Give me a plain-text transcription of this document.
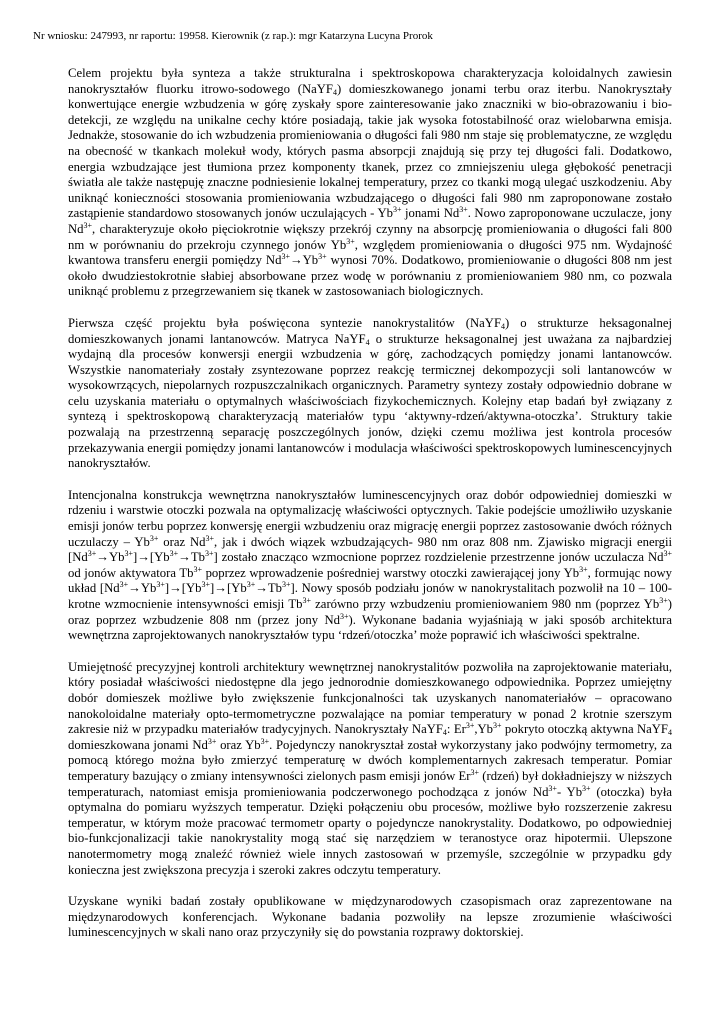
Nr wniosku: 247993, nr raportu: 19958. Kierownik (z rap.): mgr Katarzyna Lucyna Prorok

Celem projektu była synteza a także strukturalna i spektroskopowa charakteryzacja koloidalnych zawiesin nanokryształów fluorku itrowo-sodowego (NaYF$_4$) domieszkowanego jonami terbu oraz iterbu. Nanokryształy konwertujące energie wzbudzenia w górę zyskały spore zainteresowanie jako znaczniki w bio-obrazowaniu i bio-detekcji, ze względu na unikalne cechy które posiadają, takie jak wysoka fotostabilność oraz wielobarwna emisja. Jednakże, stosowanie do ich wzbudzenia promieniowania o długości fali 980 nm staje się problematyczne, ze względu na obecność w tkankach molekuł wody, których pasma absorpcji znajdują się przy tej długości fali. Dodatkowo, energia wzbudzające jest tłumiona przez komponenty tkanek, przez co zmniejszeniu ulega głębokość penetracji światła ale także następuję znaczne podniesienie lokalnej temperatury, przez co tkanki mogą ulegać uszkodzeniu. Aby uniknąć konieczności stosowania promieniowania wzbudzającego o długości fali 980 nm zaproponowane zostało zastąpienie standardowo stosowanych jonów uczulających - $Yb^{3+}$ jonami $Nd^{3+}$. Nowo zaproponowane uczulacze, jony $Nd^{3+}$, charakteryzuje około pięciokrotnie większy przekrój czynny na absorpcję promieniowania o długości fali 800 nm w porównaniu do przekroju czynnego jonów $Yb^{3+}$, względem promieniowania o długości 975 nm. Wydajność kwantowa transferu energii pomiędzy $Nd^{3+}\to Yb^{3+}$ wynosi 70%. Dodatkowo, promieniowanie o długości 808 nm jest około dwudziestokrotnie słabiej absorbowane przez wodę w porównaniu z promieniowaniem 980 nm, co pozwala uniknąć problemu z przegrzewaniem się tkanek w zastosowaniach biologicznych.

Pierwsza część projektu była poświęcona syntezie nanokrystalitów (NaYF$_4$) o strukturze heksagonalnej domieszkowanych jonami lantanowców. Matryca NaYF$_4$ o strukturze heksagonalnej jest uważana za najbardziej wydajną dla procesów konwersji energii wzbudzenia w górę, zachodzących pomiędzy jonami lantanowców. Wszystkie nanomateriały zostały zsyntezowane poprzez reakcję termicznej dekompozycji soli lantanowców w wysokowrzących, niepolarnych rozpuszczalnikach organicznych. Parametry syntezy zostały odpowiednio dobrane w celu uzyskania materiału o optymalnych właściwościach fizykochemicznych. Kolejny etap badań był związany z syntezą i spektroskopową charakteryzacją materiałów typu ‘aktywny-rdzeń/aktywna-otoczka’. Struktury takie pozwalają na przestrzenną separację poszczególnych jonów, dzięki czemu możliwa jest kontrola procesów przekazywania energii pomiędzy jonami lantanowców i modulacja właściwości spektroskopowych luminescencyjnych nanokryształów.

Intencjonalna konstrukcja wewnętrzna nanokryształów luminescencyjnych oraz dobór odpowiedniej domieszki w rdzeniu i warstwie otoczki pozwala na optymalizację właściwości optycznych. Takie podejście umożliwiło uzyskanie emisji jonów terbu poprzez konwersję energii wzbudzeniu oraz migrację energii poprzez zastosowanie dwóch różnych uczulaczy – $Yb^{3+}$ oraz $Nd^{3+}$, jak i dwóch wiązek wzbudzających- 980 nm oraz 808 nm. Zjawisko migracji energii $[Nd^{3+}\to Yb^{3+}]\to[Yb^{3+}\to Tb^{3+}]$ zostało znacząco wzmocnione poprzez rozdzielenie przestrzenne jonów uczulacza $Nd^{3+}$ od jonów aktywatora $Tb^{3+}$ poprzez wprowadzenie pośredniej warstwy otoczki zawierającej jony $Yb^{3+}$, formując nowy układ $[Nd^{3+}\to Yb^{3+}]\to[Yb^{3+}]\to[Yb^{3+}\to Tb^{3+}]$. Nowy sposób podziału jonów w nanokrystalitach pozwolił na 10 – 100-krotne wzmocnienie intensywności emisji $Tb^{3+}$ zarówno przy wzbudzeniu promieniowaniem 980 nm (poprzez $Yb^{3+}$) oraz poprzez wzbudzenie 808 nm (przez jony $Nd^{3+}$). Wykonane badania wyjaśniają w jaki sposób architektura wewnętrzna zaprojektowanych nanokryształów typu ‘rdzeń/otoczka’ może poprawić ich właściwości spektralne.

Umiejętność precyzyjnej kontroli architektury wewnętrznej nanokrystalitów pozwoliła na zaprojektowanie materiału, który posiadał właściwości niedostępne dla jego jednorodnie domieszkowanego odpowiednika. Poprzez umiejętny dobór domieszek możliwe było zwiększenie funkcjonalności tak uzyskanych nanomateriałów – opracowano nanokoloidalne materiały opto-termometryczne pozwalające na pomiar temperatury w ponad 2 krotnie szerszym zakresie niż w przypadku materiałów tradycyjnych. Nanokryształy NaYF$_4$: $Er^{3+},Yb^{3+}$ pokryto otoczką aktywna NaYF$_4$ domieszkowana jonami $Nd^{3+}$ oraz $Yb^{3+}$. Pojedynczy nanokryształ został wykorzystany jako podwójny termometry, za pomocą którego można było zmierzyć temperaturę w dwóch komplementarnych zakresach temperatur. Pomiar temperatury bazujący o zmiany intensywności zielonych pasm emisji jonów $Er^{3+}$ (rdzeń) był dokładniejszy w niższych temperaturach, natomiast emisja promieniowania podczerwonego pochodząca z jonów $Nd^{3+}-$ $Yb^{3+}$ (otoczka) była optymalna do pomiaru wyższych temperatur. Dzięki połączeniu obu procesów, możliwe było rozszerzenie zakresu temperatur, w którym może pracować termometr oparty o pojedyncze nanokrystality. Dodatkowo, po odpowiedniej bio-funkcjonalizacji takie nanokrystality mogą stać się narzędziem w teranostyce oraz hipotermii. Ulepszone nanotermometry mogą znaleźć również wiele innych zastosowań w przemyśle, szczególnie w przypadku gdy konieczna jest zwiększona precyzja i szeroki zakres odczytu temperatury.

Uzyskane wyniki badań zostały opublikowane w międzynarodowych czasopismach oraz zaprezentowane na międzynarodowych konferencjach. Wykonane badania pozwoliły na lepsze zrozumienie właściwości luminescencyjnych w skali nano oraz przyczyniły się do powstania rozprawy doktorskiej.
